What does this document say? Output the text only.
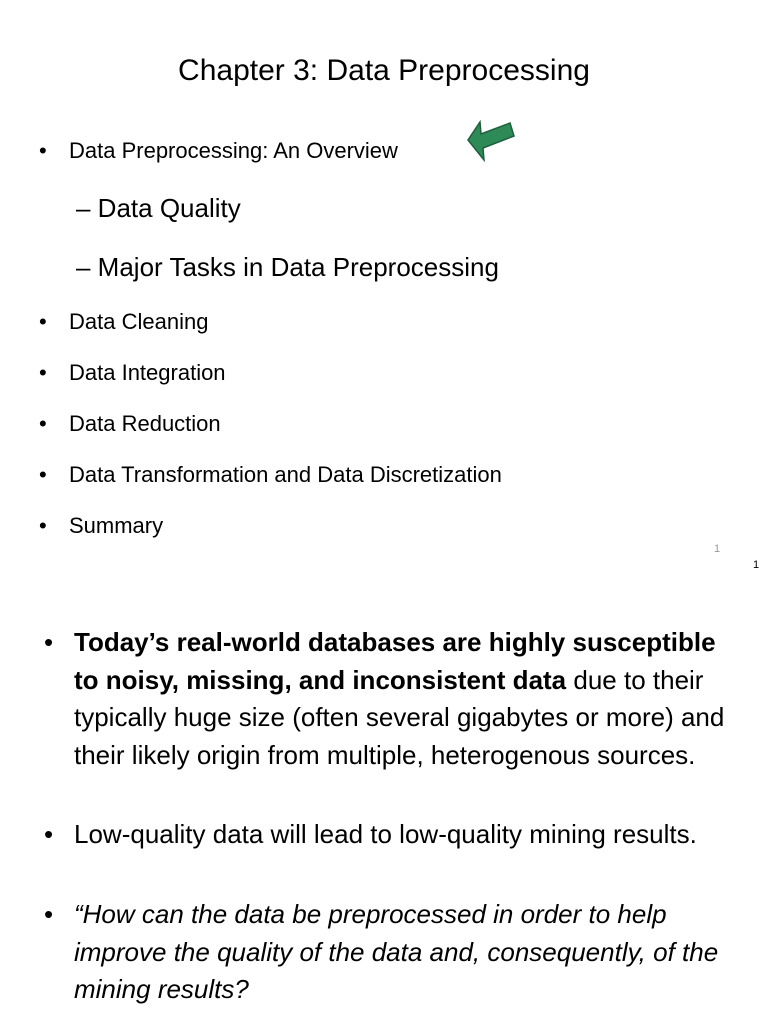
Chapter 3: Data Preprocessing
• Data Preprocessing: An Overview
– Data Quality
– Major Tasks in Data Preprocessing
• Data Cleaning
• Data Integration
• Data Reduction
• Data Transformation and Data Discretization
• Summary
1
1
• Today’s real-world databases are highly susceptible to noisy, missing, and inconsistent data due to their typically huge size (often several gigabytes or more) and their likely origin from multiple, heterogenous sources.
• Low-quality data will lead to low-quality mining results.
• “How can the data be preprocessed in order to help improve the quality of the data and, consequently, of the mining results?
